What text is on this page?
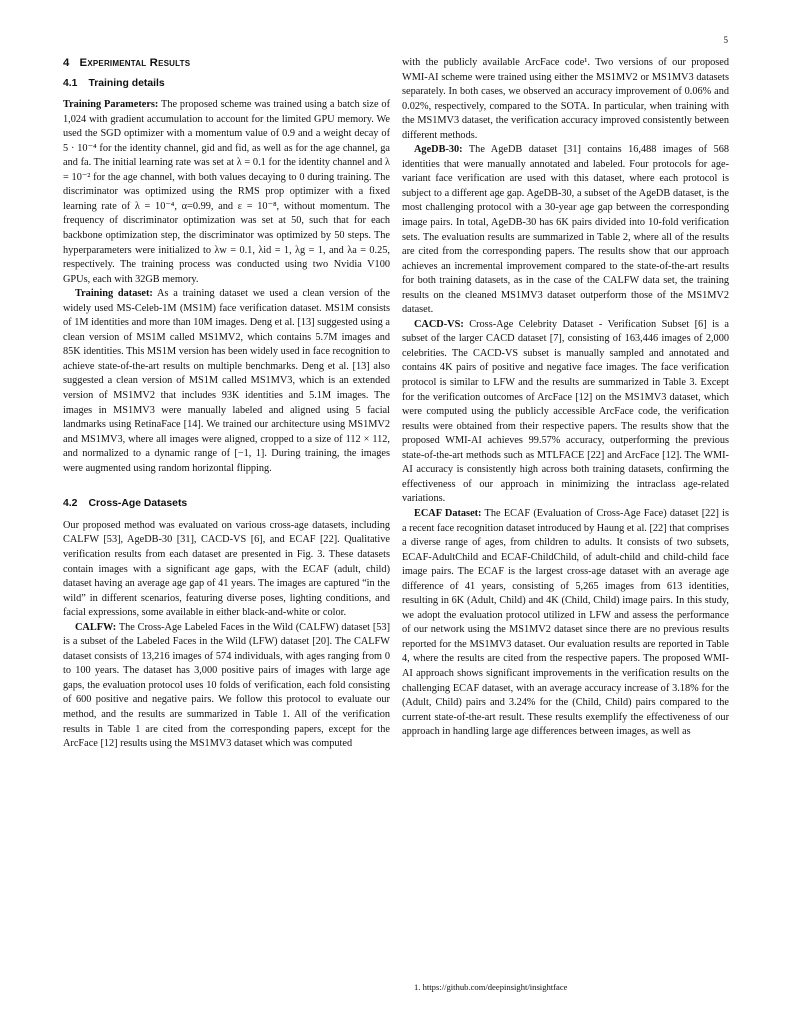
5
4 Experimental Results
4.1 Training details

Training Parameters: The proposed scheme was trained using a batch size of 1,024 with gradient accumulation to account for the limited GPU memory. We used the SGD optimizer with a momentum value of 0.9 and a weight decay of 5 · 10⁻⁴ for the identity channel, gid and fid, as well as for the age channel, ga and fa. The initial learning rate was set at λ = 0.1 for the identity channel and λ = 10⁻² for the age channel, with both values decaying to 0 during training. The discriminator was optimized using the RMS prop optimizer with a fixed learning rate of λ = 10⁻⁴, α=0.99, and ε = 10⁻⁸, without momentum. The frequency of discriminator optimization was set at 50, such that for each backbone optimization step, the discriminator was optimized by 50 steps. The hyperparameters were initialized to λw = 0.1, λid = 1, λg = 1, and λa = 0.25, respectively. The training process was conducted using two Nvidia V100 GPUs, each with 32GB memory.

Training dataset: As a training dataset we used a clean version of the widely used MS-Celeb-1M (MS1M) face verification dataset. MS1M consists of 1M identities and more than 10M images. Deng et al. [13] suggested using a clean version of MS1M called MS1MV2, which contains 5.7M images and 85K identities. This MS1M version has been widely used in face recognition to achieve state-of-the-art results on multiple benchmarks. Deng et al. [13] also suggested a clean version of MS1M called MS1MV3, which is an extended version of MS1MV2 that includes 93K identities and 5.1M images. The images in MS1MV3 were manually labeled and aligned using 5 facial landmarks using RetinaFace [14]. We trained our architecture using MS1MV2 and MS1MV3, where all images were aligned, cropped to a size of 112 × 112, and normalized to a dynamic range of [−1, 1]. During training, the images were augmented using random horizontal flipping.

4.2 Cross-Age Datasets

Our proposed method was evaluated on various cross-age datasets, including CALFW [53], AgeDB-30 [31], CACD-VS [6], and ECAF [22]. Qualitative verification results from each dataset are presented in Fig. 3. These datasets contain images with a significant age gaps, with the ECAF (adult, child) dataset having an average age gap of 41 years. The images are captured “in the wild” in different scenarios, featuring diverse poses, lighting conditions, and facial expressions, some available in either black-and-white or color.

CALFW: The Cross-Age Labeled Faces in the Wild (CALFW) dataset [53] is a subset of the Labeled Faces in the Wild (LFW) dataset [20]. The CALFW dataset consists of 13,216 images of 574 individuals, with ages ranging from 0 to 100 years. The dataset has 3,000 positive pairs of images with large age gaps, the evaluation protocol uses 10 folds of verification, each fold consisting of 600 positive and negative pairs. We follow this protocol to evaluate our method, and the results are summarized in Table 1. All of the verification results in Table 1 are cited from the corresponding papers, except for the ArcFace [12] results using the MS1MV3 dataset which was computed

with the publicly available ArcFace code¹. Two versions of our proposed WMI-AI scheme were trained using either the MS1MV2 or MS1MV3 datasets separately. In both cases, we observed an accuracy improvement of 0.06% and 0.02%, respectively, compared to the SOTA. In particular, when training with the MS1MV3 dataset, the verification accuracy improved consistently between different methods.

AgeDB-30: The AgeDB dataset [31] contains 16,488 images of 568 identities that were manually annotated and labeled. Four protocols for age-variant face verification are used with this dataset, where each protocol is subject to a different age gap. AgeDB-30, a subset of the AgeDB dataset, is the most challenging protocol with a 30-year age gap between the corresponding image pairs. In total, AgeDB-30 has 6K pairs divided into 10-fold verification sets. The evaluation results are summarized in Table 2, where all of the results are cited from the corresponding papers. The results show that our approach achieves an incremental improvement compared to the state-of-the-art results for both training datasets, as in the case of the CALFW data set, the training results on the cleaned MS1MV3 dataset outperform those of the MS1MV2 dataset.

CACD-VS: Cross-Age Celebrity Dataset - Verification Subset [6] is a subset of the larger CACD dataset [7], consisting of 163,446 images of 2,000 celebrities. The CACD-VS subset is manually sampled and annotated and contains 4K pairs of positive and negative face images. The face verification protocol is similar to LFW and the results are summarized in Table 3. Except for the verification outcomes of ArcFace [12] on the MS1MV3 dataset, which were computed using the publicly accessible ArcFace code, the verification results were obtained from their respective papers. The results show that the proposed WMI-AI achieves 99.57% accuracy, outperforming the previous state-of-the-art methods such as MTLFACE [22] and ArcFace [12]. The WMI-AI accuracy is consistently high across both training datasets, confirming the effectiveness of our approach in minimizing the intraclass age-related variations.

ECAF Dataset: The ECAF (Evaluation of Cross-Age Face) dataset [22] is a recent face recognition dataset introduced by Haung et al. [22] that comprises a diverse range of ages, from children to adults. It consists of two subsets, ECAF-AdultChild and ECAF-ChildChild, of adult-child and child-child face image pairs. The ECAF is the largest cross-age dataset with an average age difference of 41 years, consisting of 5,265 images from 613 identities, resulting in 6K (Adult, Child) and 4K (Child, Child) image pairs. In this study, we adopt the evaluation protocol utilized in LFW and assess the performance of our network using the MS1MV2 dataset since there are no previous results reported for the MS1MV3 dataset. Our evaluation results are reported in Table 4, where the results are cited from the respective papers. The proposed WMI-AI approach shows significant improvements in the verification results on the challenging ECAF dataset, with an average accuracy increase of 3.18% for the (Adult, Child) pairs and 3.24% for the (Child, Child) pairs compared to the current state-of-the-art result. These results exemplify the effectiveness of our approach in handling large age differences between images, as well as

1. https://github.com/deepinsight/insightface
